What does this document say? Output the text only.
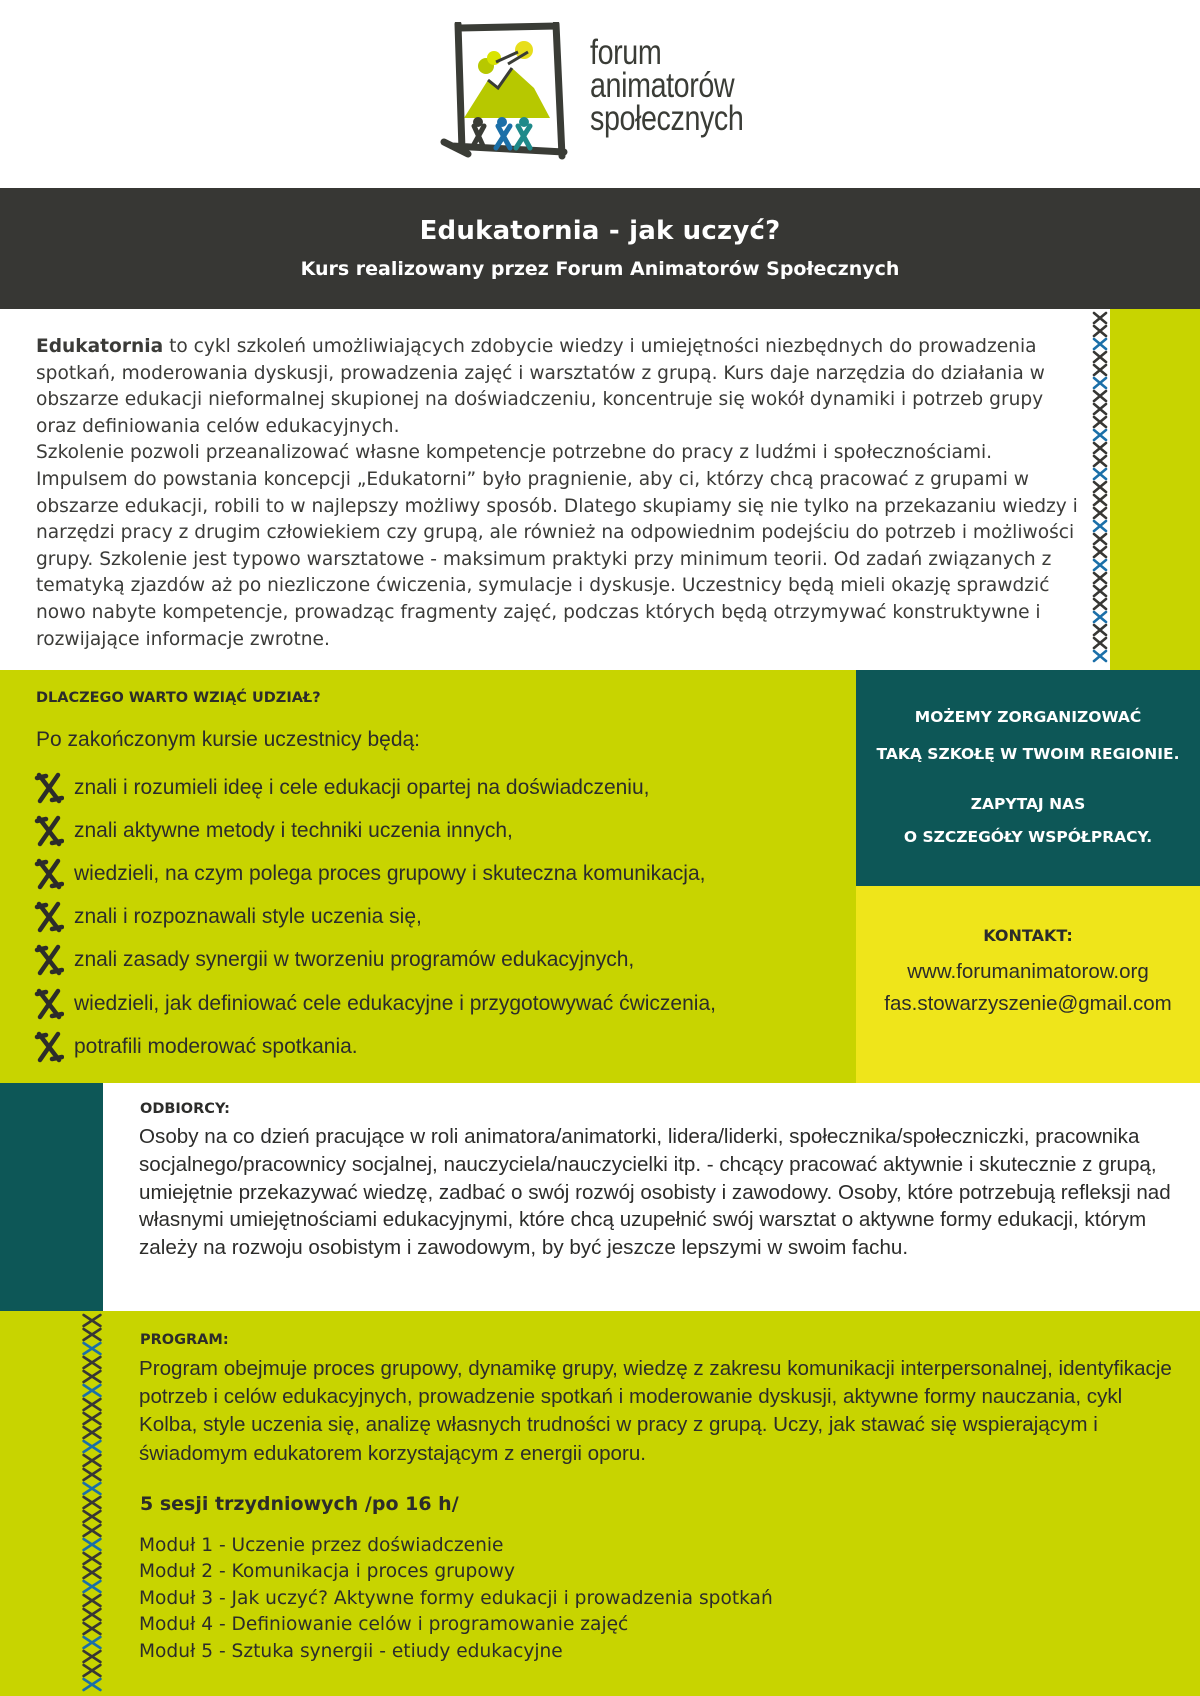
forum
animatorów
społecznych
Edukatornia - jak uczyć?
Kurs realizowany przez Forum Animatorów Społecznych
Edukatornia to cykl szkoleń umożliwiających zdobycie wiedzy i umiejętności niezbędnych do prowadzenia spotkań, moderowania dyskusji, prowadzenia zajęć i warsztatów z grupą. Kurs daje narzędzia do działania w obszarze edukacji nieformalnej skupionej na doświadczeniu, koncentruje się wokół dynamiki i potrzeb grupy oraz definiowania celów edukacyjnych.
Szkolenie pozwoli przeanalizować własne kompetencje potrzebne do pracy z ludźmi i społecznościami. Impulsem do powstania koncepcji „Edukatorni” było pragnienie, aby ci, którzy chcą pracować z grupami w obszarze edukacji, robili to w najlepszy możliwy sposób. Dlatego skupiamy się nie tylko na przekazaniu wiedzy i narzędzi pracy z drugim człowiekiem czy grupą, ale również na odpowiednim podejściu do potrzeb i możliwości grupy. Szkolenie jest typowo warsztatowe - maksimum praktyki przy minimum teorii. Od zadań związanych z tematyką zjazdów aż po niezliczone ćwiczenia, symulacje i dyskusje. Uczestnicy będą mieli okazję sprawdzić nowo nabyte kompetencje, prowadząc fragmenty zajęć, podczas których będą otrzymywać konstruktywne i rozwijające informacje zwrotne.
DLACZEGO WARTO WZIĄĆ UDZIAŁ?
Po zakończonym kursie uczestnicy będą:
znali i rozumieli ideę i cele edukacji opartej na doświadczeniu,
znali aktywne metody i techniki uczenia innych,
wiedzieli, na czym polega proces grupowy i skuteczna komunikacja,
znali i rozpoznawali style uczenia się,
znali zasady synergii w tworzeniu programów edukacyjnych,
wiedzieli, jak definiować cele edukacyjne i przygotowywać ćwiczenia,
potrafili moderować spotkania.

MOŻEMY ZORGANIZOWAĆ

TAKĄ SZKOŁĘ W TWOIM REGIONIE.

ZAPYTAJ NAS

O SZCZEGÓŁY WSPÓŁPRACY.

KONTAKT:
www.forumanimatorow.org
fas.stowarzyszenie@gmail.com
ODBIORCY:
Osoby na co dzień pracujące w roli animatora/animatorki, lidera/liderki, społecznika/społeczniczki, pracownika socjalnego/pracownicy socjalnej, nauczyciela/nauczycielki itp. - chcący pracować aktywnie i skutecznie z grupą, umiejętnie przekazywać wiedzę, zadbać o swój rozwój osobisty i zawodowy. Osoby, które potrzebują refleksji nad własnymi umiejętnościami edukacyjnymi, które chcą uzupełnić swój warsztat o aktywne formy edukacji, którym zależy na rozwoju osobistym i zawodowym, by być jeszcze lepszymi w swoim fachu.
PROGRAM:
Program obejmuje proces grupowy, dynamikę grupy, wiedzę z zakresu komunikacji interpersonalnej, identyfikacje potrzeb i celów edukacyjnych, prowadzenie spotkań i moderowanie dyskusji, aktywne formy nauczania, cykl Kolba, style uczenia się, analizę własnych trudności w pracy z grupą. Uczy, jak stawać się wspierającym i świadomym edukatorem korzystającym z energii oporu.
5 sesji trzydniowych /po 16 h/
Moduł 1 - Uczenie przez doświadczenie
Moduł 2 - Komunikacja i proces grupowy
Moduł 3 - Jak uczyć? Aktywne formy edukacji i prowadzenia spotkań
Moduł 4 - Definiowanie celów i programowanie zajęć
Moduł 5 - Sztuka synergii - etiudy edukacyjne
